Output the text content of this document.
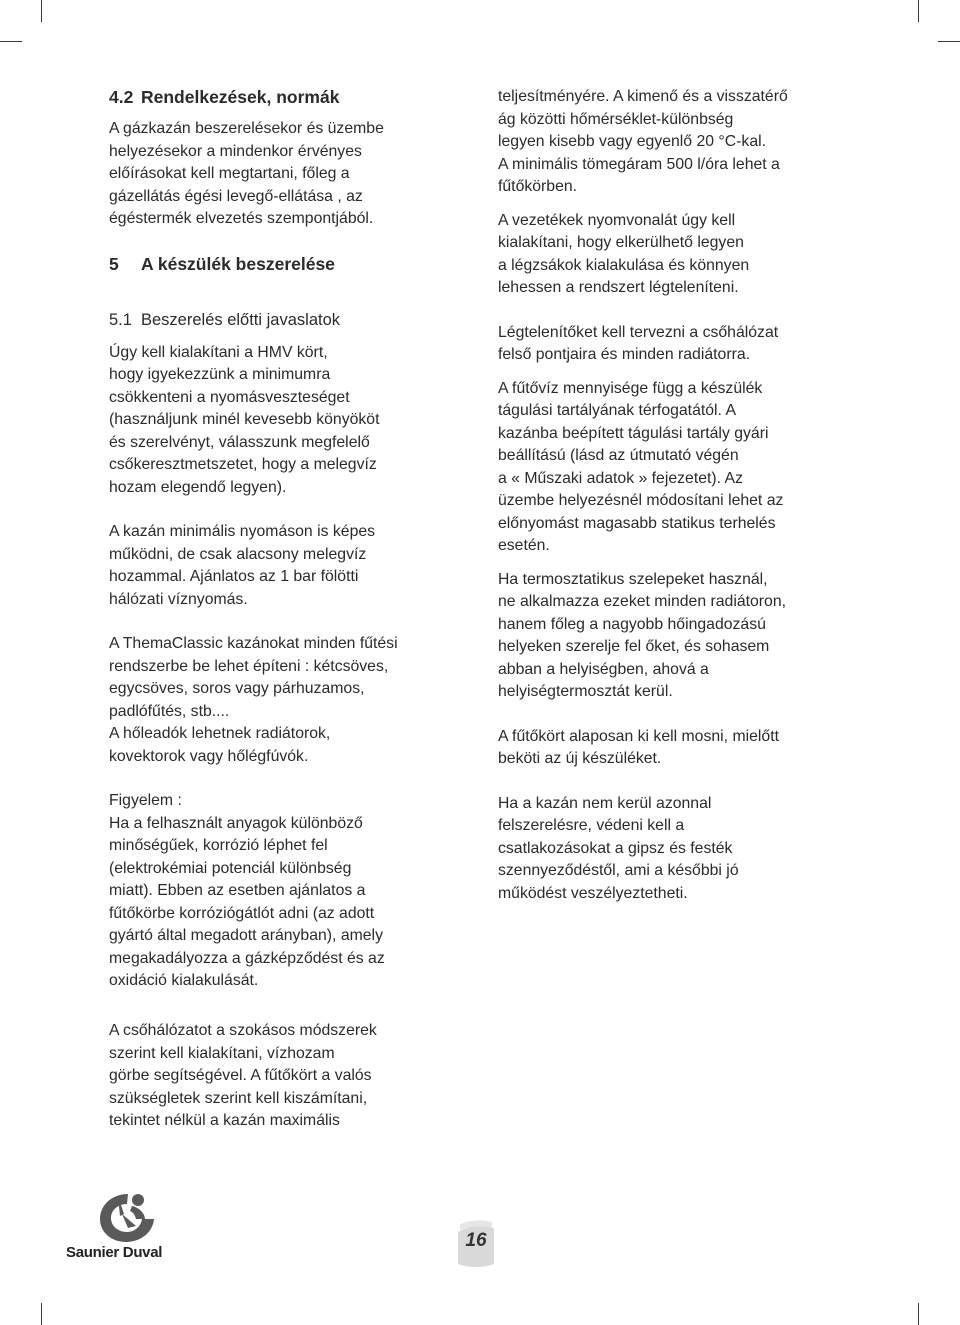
4.2 Rendelkezések, normák

A gázkazán beszerelésekor és üzembe
helyezésekor a mindenkor érvényes
előírásokat kell megtartani, főleg a
gázellátás égési levegő-ellátása , az
égéstermék elvezetés szempontjából.

5 A készülék beszerelése
5.1 Beszerelés előtti javaslatok

Úgy kell kialakítani a HMV kört,
hogy igyekezzünk a minimumra
csökkenteni a nyomásveszteséget
(használjunk minél kevesebb könyököt
és szerelvényt, válasszunk megfelelő
csőkeresztmetszetet, hogy a melegvíz
hozam elegendő legyen).

A kazán minimális nyomáson is képes
működni, de csak alacsony melegvíz
hozammal. Ajánlatos az 1 bar fölötti
hálózati víznyomás.

A ThemaClassic kazánokat minden fűtési
rendszerbe be lehet építeni : kétcsöves,
egycsöves, soros vagy párhuzamos,
padlófűtés, stb....
A hőleadók lehetnek radiátorok,
kovektorok vagy hőlégfúvók.

Figyelem :
Ha a felhasznált anyagok különböző
minőségűek, korrózió léphet fel
(elektrokémiai potenciál különbség
miatt). Ebben az esetben ajánlatos a
fűtőkörbe korróziógátlót adni (az adott
gyártó által megadott arányban), amely
megakadályozza a gázképződést és az
oxidáció kialakulását.

A csőhálózatot a szokásos módszerek
szerint kell kialakítani, vízhozam
görbe segítségével. A fűtőkört a valós
szükségletek szerint kell kiszámítani,
tekintet nélkül a kazán maximális

teljesítményére. A kimenő és a visszatérő
ág közötti hőmérséklet-különbség
legyen kisebb vagy egyenlő 20 °C-kal.
A minimális tömegáram 500 l/óra lehet a
fűtőkörben.

A vezetékek nyomvonalát úgy kell
kialakítani, hogy elkerülhető legyen
a légzsákok kialakulása és könnyen
lehessen a rendszert légteleníteni.

Légtelenítőket kell tervezni a csőhálózat
felső pontjaira és minden radiátorra.

A fűtővíz mennyisége függ a készülék
tágulási tartályának térfogatától. A
kazánba beépített tágulási tartály gyári
beállítású (lásd az útmutató végén
a « Műszaki adatok » fejezetet). Az
üzembe helyezésnél módosítani lehet az
előnyomást magasabb statikus terhelés
esetén.

Ha termosztatikus szelepeket használ,
ne alkalmazza ezeket minden radiátoron,
hanem főleg a nagyobb hőingadozású
helyeken szerelje fel őket, és sohasem
abban a helyiségben, ahová a
helyiségtermosztát kerül.

A fűtőkört alaposan ki kell mosni, mielőtt
beköti az új készüléket.

Ha a kazán nem kerül azonnal
felszerelésre, védeni kell a
csatlakozásokat a gipsz és festék
szennyeződéstől, ami a későbbi jó
működést veszélyeztetheti.

Saunier Duval
16
